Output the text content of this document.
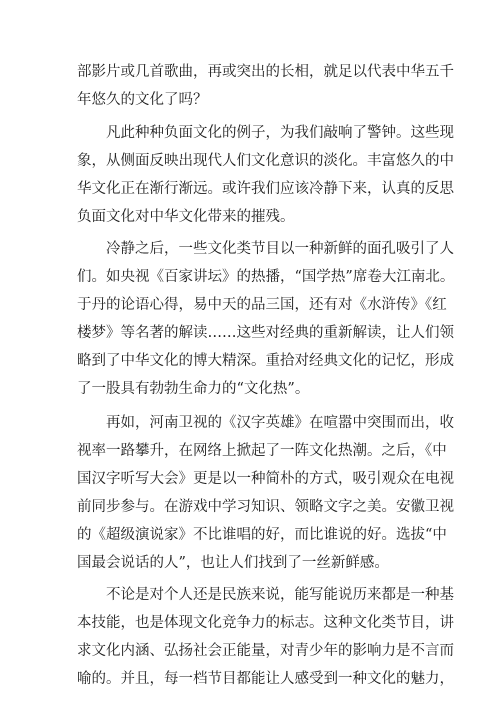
部影片或几首歌曲，再或突出的长相，就足以代表中华五千
年悠久的文化了吗？
凡此种种负面文化的例子，为我们敲响了警钟。这些现
象，从侧面反映出现代人们文化意识的淡化。丰富悠久的中
华文化正在渐行渐远。或许我们应该冷静下来，认真的反思
负面文化对中华文化带来的摧残。
冷静之后，一些文化类节目以一种新鲜的面孔吸引了人
们。如央视《百家讲坛》的热播，“国学热”席卷大江南北。
于丹的论语心得，易中天的品三国，还有对《水浒传》《红
楼梦》等名著的解读……这些对经典的重新解读，让人们领
略到了中华文化的博大精深。重拾对经典文化的记忆，形成
了一股具有勃勃生命力的“文化热”。
再如，河南卫视的《汉字英雄》在喧嚣中突围而出，收
视率一路攀升，在网络上掀起了一阵文化热潮。之后，《中
国汉字听写大会》更是以一种简朴的方式，吸引观众在电视
前同步参与。在游戏中学习知识、领略文字之美。安徽卫视
的《超级演说家》不比谁唱的好，而比谁说的好。选拔“中
国最会说话的人”，也让人们找到了一丝新鲜感。
不论是对个人还是民族来说，能写能说历来都是一种基
本技能，也是体现文化竞争力的标志。这种文化类节目，讲
求文化内涵、弘扬社会正能量，对青少年的影响力是不言而
喻的。并且，每一档节目都能让人感受到一种文化的魅力，
